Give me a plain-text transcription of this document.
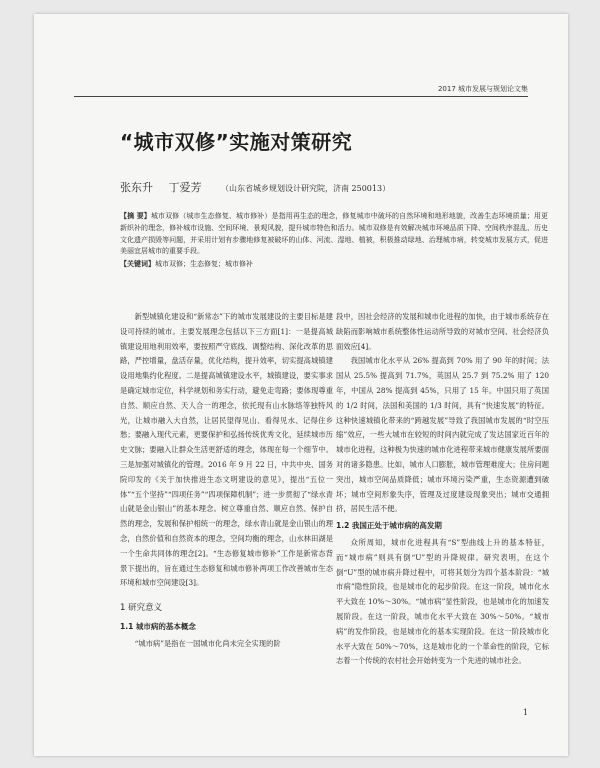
2017 城市发展与规划论文集
“城市双修”实施对策研究
张东升 丁爱芳 （山东省城乡规划设计研究院，济南 250013）
【摘 要】城市双修（城市生态修复、城市修补）是指用再生态的理念，修复城市中破坏的自然环境和地形地貌，改善生态环境质量；用更新织补的理念，修补城市设施、空间环境、景观风貌，提升城市特色和活力。城市双修是有效解决城市环境品质下降、空间秩序混乱、历史文化遗产损毁等问题，并采用计划有步骤地修复被破坏的山体、河流、湿地、植被，积极推动绿地、治理城市病，转变城市发展方式，促进美丽宜居城市的重要手段。
【关键词】城市双修；生态修复；城市修补

新型城镇化建设和“新常态”下的城市发展建设的主要目标是建设可持续的城市。主要发展理念包括以下三方面[1]：一是提高城镇建设用地利用效率，要按照严守底线、调整结构、深化改革的思路，严控增量，盘活存量，优化结构，提升效率，切实提高城镇建设用地集约化程度。二是提高城镇建设水平，城镇建设，要实事求是确定城市定位，科学规划和务实行动，避免走弯路；要体现尊重自然、顺应自然、天人合一的理念，依托现有山水脉络等独特风光，让城市融入大自然，让居民望得见山、看得见水、记得住乡愁；要融入现代元素，更要保护和弘扬传统优秀文化，延续城市历史文脉；要融入让群众生活更舒适的理念，体现在每一个细节中。三是加强对城镇化的管理。2016 年 9 月 22 日，中共中央、国务院印发的《关于加快推进生态文明建设的意见》，提出“五位一体”“五个坚持”“四项任务”“四项保障机制”；进一步贯彻了“绿水青山就是金山银山”的基本理念。树立尊重自然、顺应自然、保护自然的理念，发展和保护相统一的理念，绿水青山就是金山银山的理念，自然价值和自然资本的理念，空间均衡的理念，山水林田湖是一个生命共同体的理念[2]。“生态修复城市修补”工作是新常态背景下提出的，旨在通过生态修复和城市修补两项工作改善城市生态环境和城市空间建设[3]。

1 研究意义
1.1 城市病的基本概念

“城市病”是指在一国城市化尚未完全实现的阶

段中，因社会经济的发展和城市化进程的加快，由于城市系统存在缺陷而影响城市系统整体性运动所导致的对城市空间、社会经济负面效应[4]。

我国城市化水平从 26% 提高到 70% 用了 90 年的时间；法国从 25.5% 提高到 71.7%，英国从 25.7 到 75.2% 用了 120 年，中国从 28% 提高到 45%，只用了 15 年。中国只用了英国的 1/2 时间，法国和美国的 1/3 时间，具有“快速发展”的特征。这种快速城镇化带来的“跨越发展”导致了我国城市发展的“时空压缩”效应，一些大城市在较短的时间内就完成了发达国家近百年的城市化进程，这种极为快速的城市化进程带来城市健康发展所要面对的诸多隐患。比如，城市人口膨胀，城市管理难度大；住房问题突出，城市空间品质降低；城市环境污染严重，生态资源遭到破坏；城市空间形象失序，管理及过度建设现象突出；城市交通拥挤，居民生活不便。

1.2 我国正处于城市病的高发期

众所周知，城市化进程具有“S”型曲线上升的基本特征，而“城市病”则具有倒“U”型的升降规律。研究表明，在这个倒“U”型的城市病升降过程中，可将其划分为四个基本阶段：“城市病”隐性阶段，也是城市化的起步阶段。在这一阶段，城市化水平大致在 10%～30%。“城市病”显性阶段，也是城市化的加速发展阶段。在这一阶段，城市化水平大致在 30%～50%。“城市病”的发作阶段，也是城市化的基本实现阶段。在这一阶段城市化水平大致在 50%～70%，这是城市化的一个革命性的阶段，它标志着一个传统的农村社会开始转变为一个先进的城市社会。

1
